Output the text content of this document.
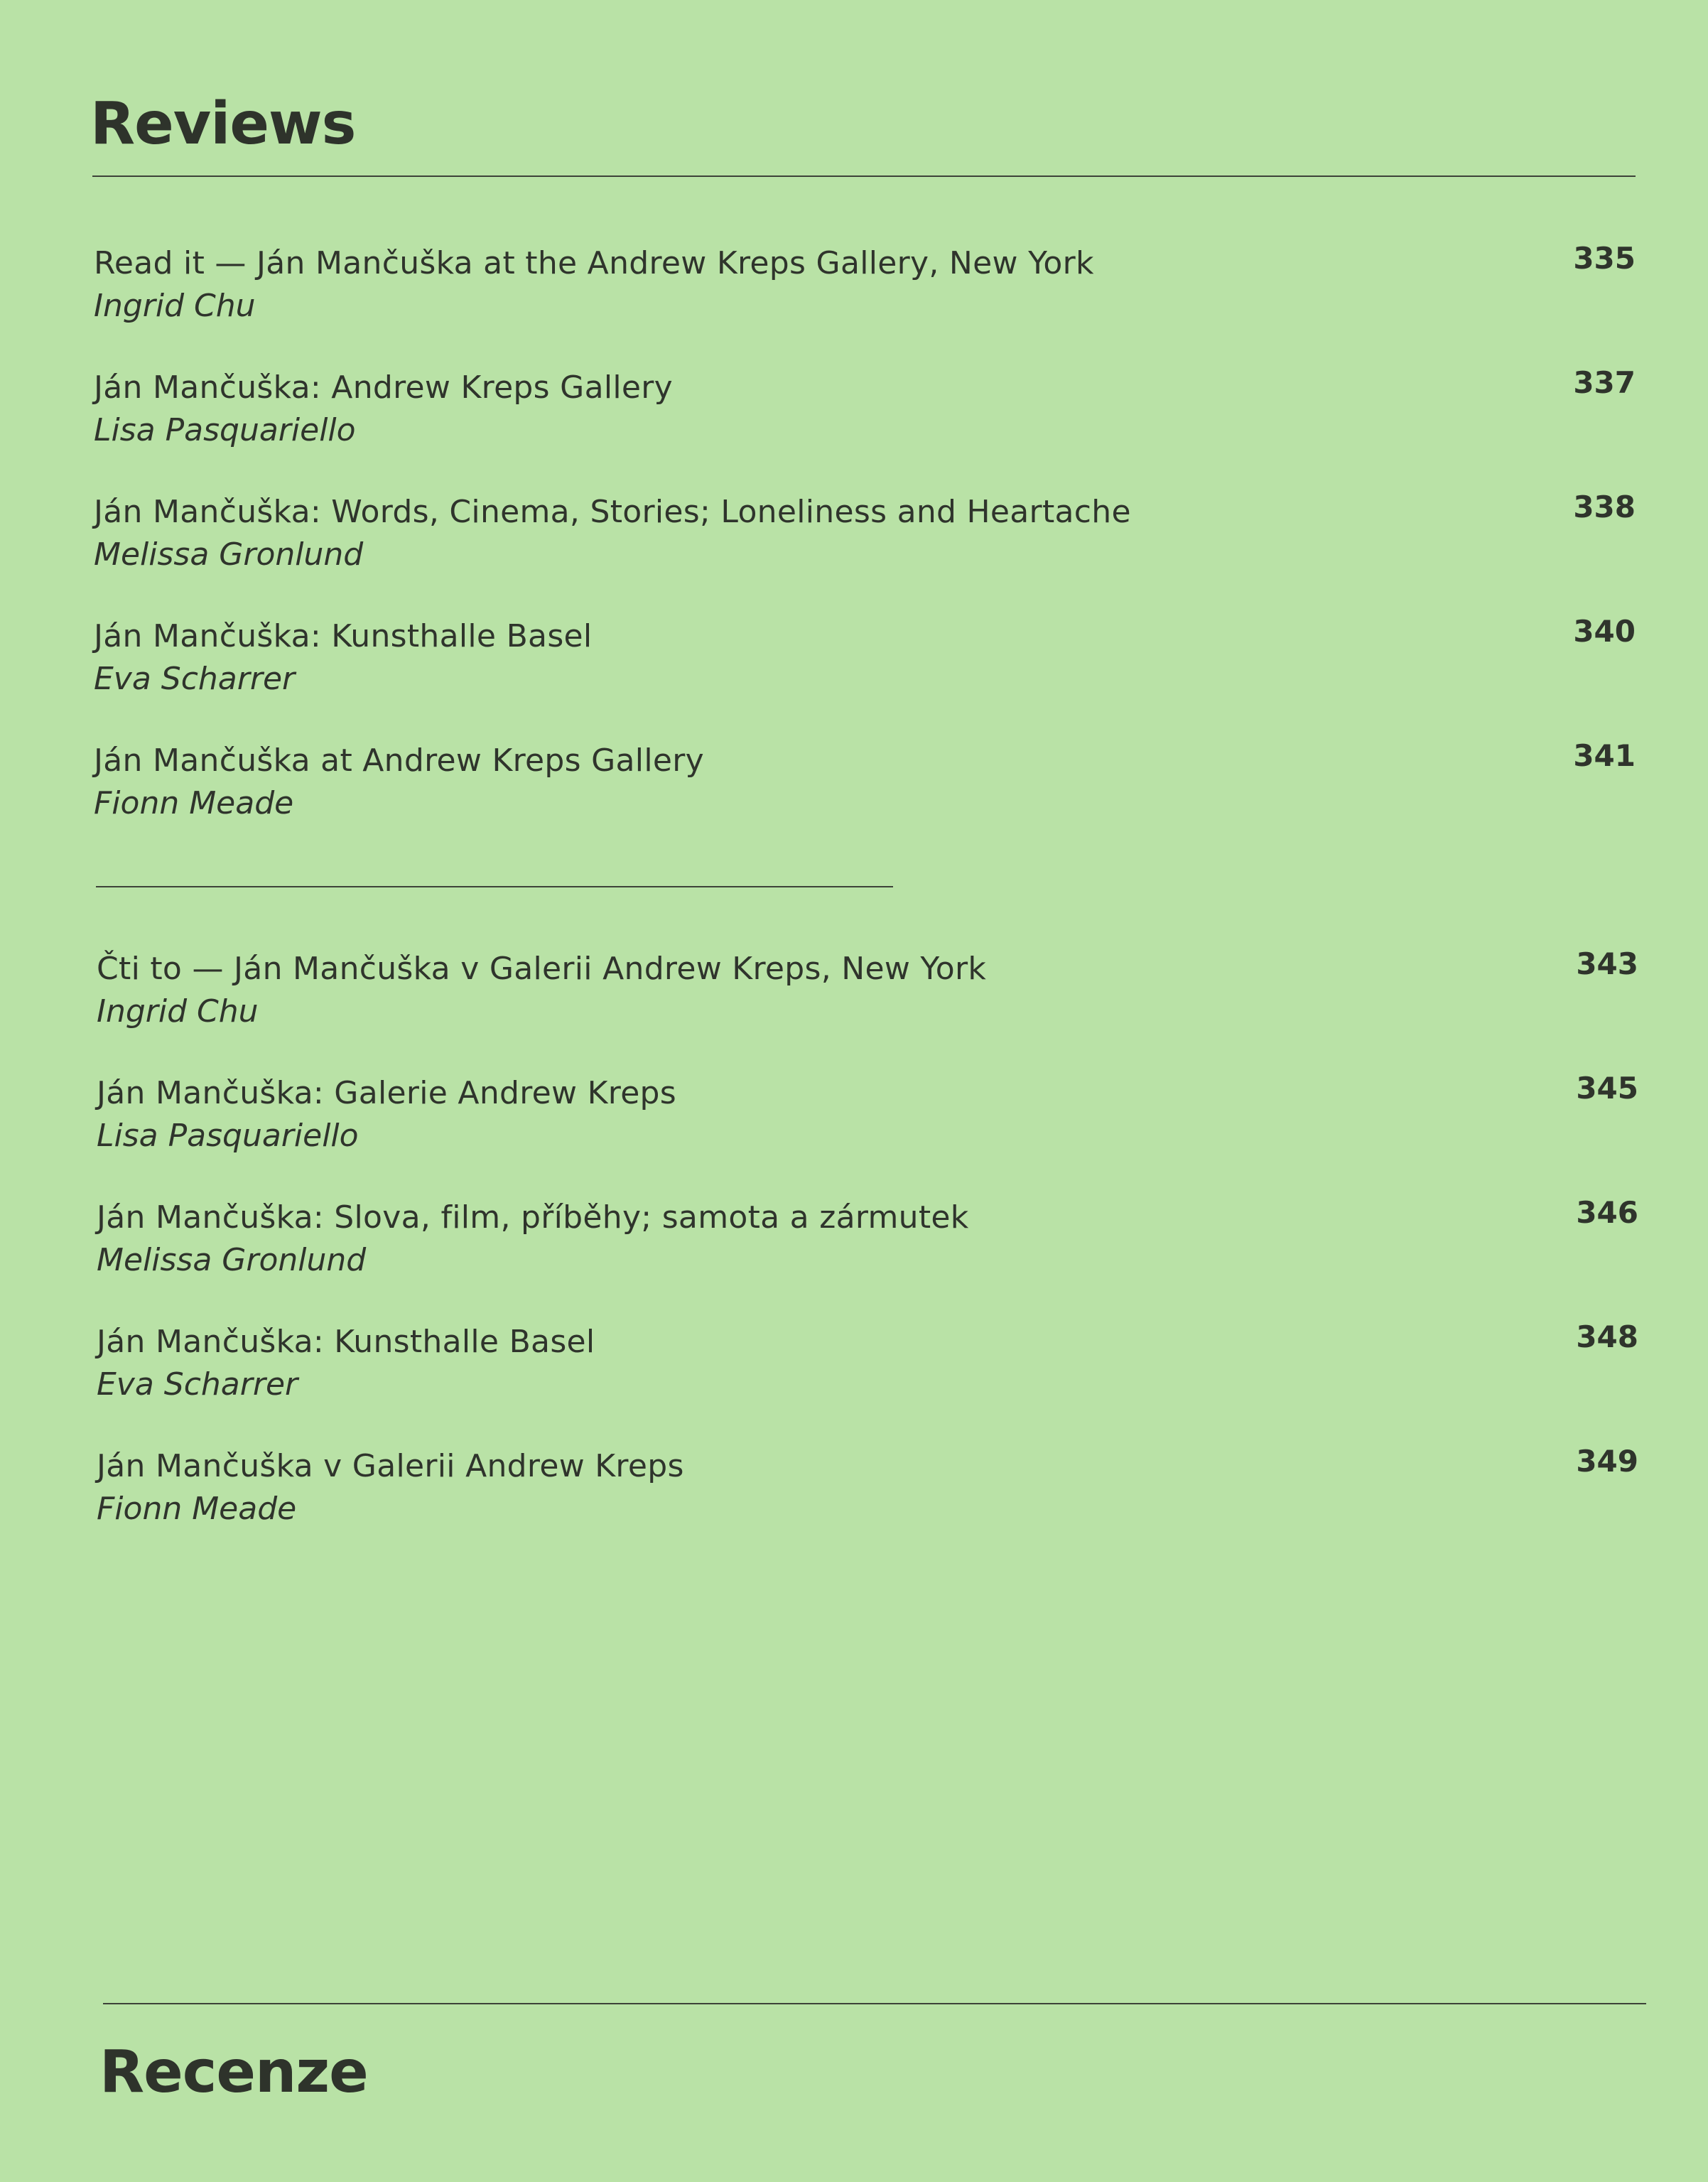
Reviews
Read it — Ján Mančuška at the Andrew Kreps Gallery, New York
Ingrid Chu
335
Ján Mančuška: Andrew Kreps Gallery
Lisa Pasquariello
337
Ján Mančuška: Words, Cinema, Stories; Loneliness and Heartache
Melissa Gronlund
338
Ján Mančuška: Kunsthalle Basel
Eva Scharrer
340
Ján Mančuška at Andrew Kreps Gallery
Fionn Meade
341
Čti to — Ján Mančuška v Galerii Andrew Kreps, New York
Ingrid Chu
343
Ján Mančuška: Galerie Andrew Kreps
Lisa Pasquariello
345
Ján Mančuška: Slova, film, příběhy; samota a zármutek
Melissa Gronlund
346
Ján Mančuška: Kunsthalle Basel
Eva Scharrer
348
Ján Mančuška v Galerii Andrew Kreps
Fionn Meade
349
Recenze
